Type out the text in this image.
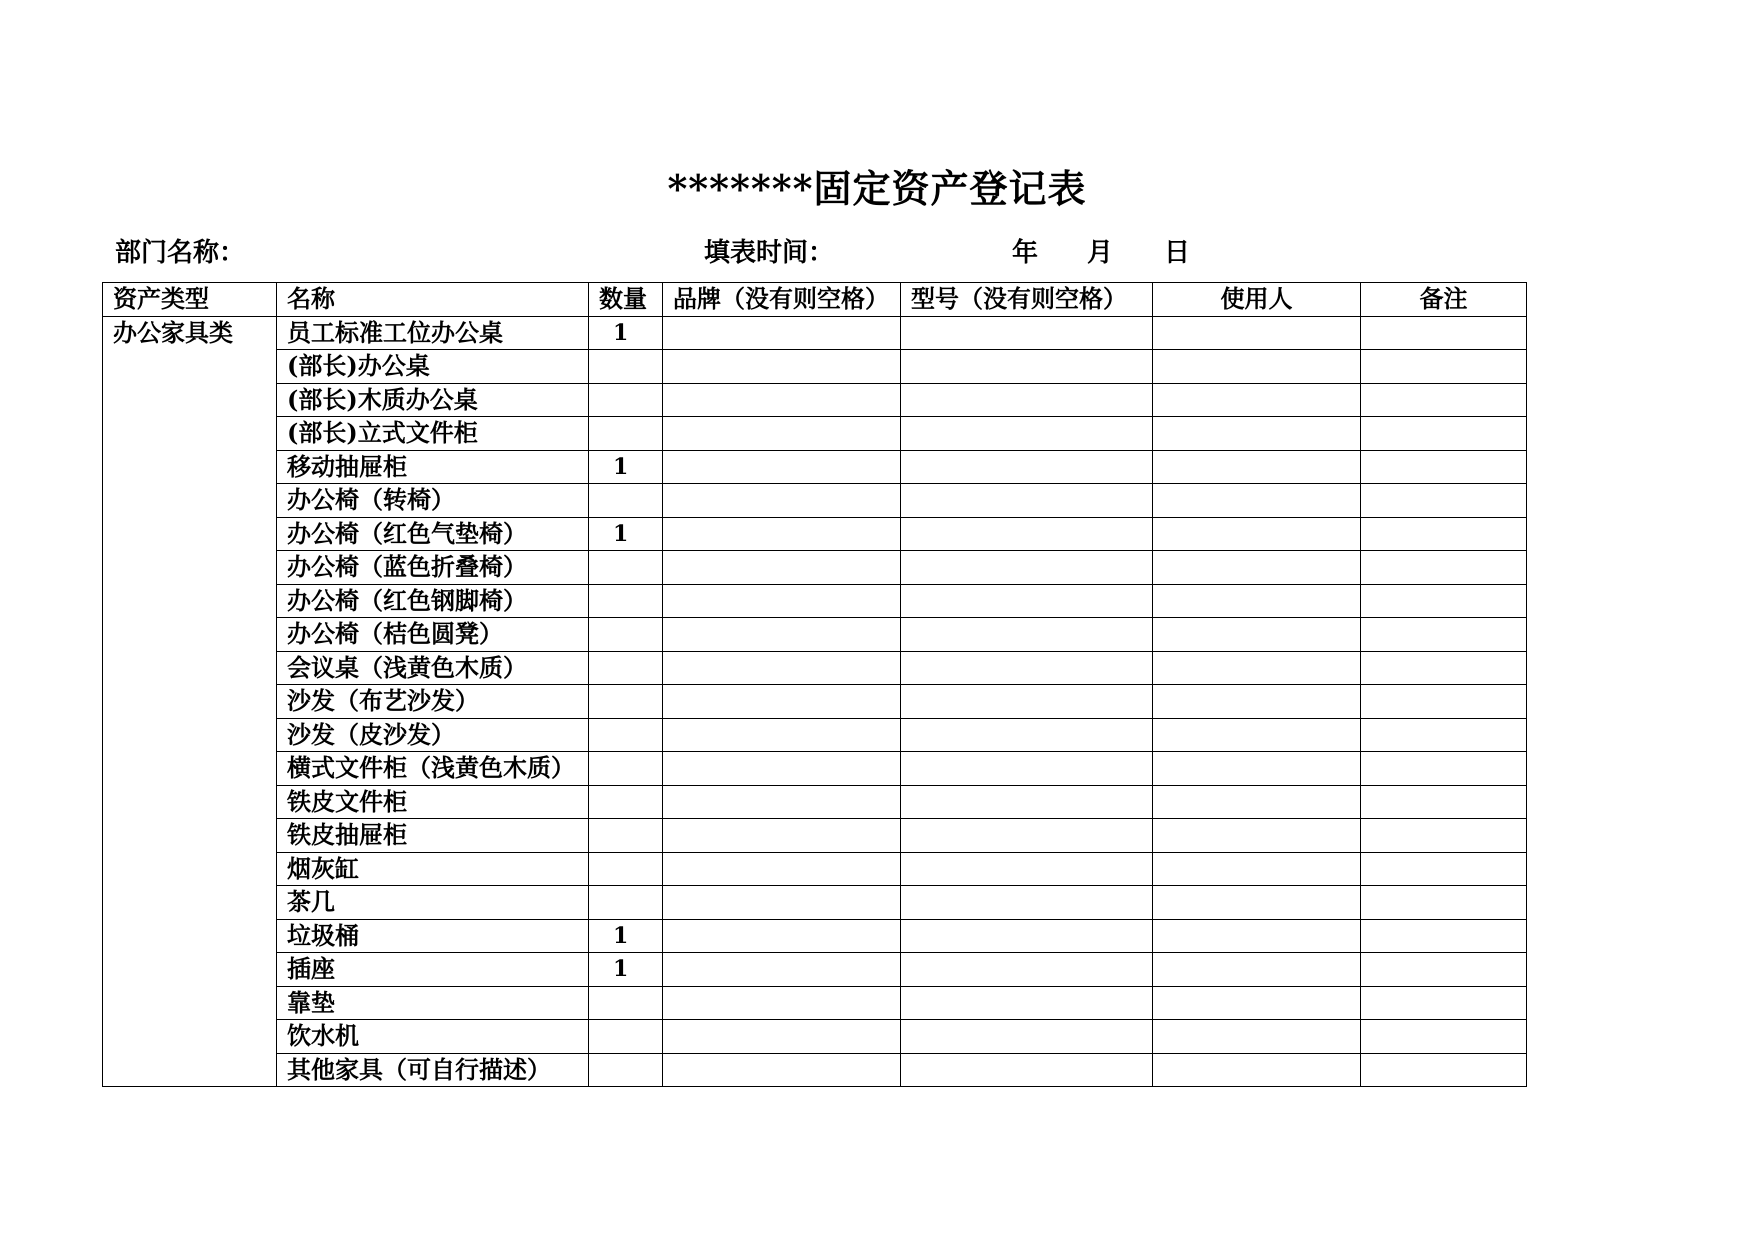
*******固定资产登记表
部门名称：	填表时间：	年 月 日
资产类型	名称	数量	品牌（没有则空格）	型号（没有则空格）	使用人	备注
办公家具类	员工标准工位办公桌	1				
	(部长)办公桌					
	(部长)木质办公桌					
	(部长)立式文件柜					
	移动抽屉柜	1				
	办公椅（转椅）					
	办公椅（红色气垫椅）	1				
	办公椅（蓝色折叠椅）					
	办公椅（红色钢脚椅）					
	办公椅（桔色圆凳）					
	会议桌（浅黄色木质）					
	沙发（布艺沙发）					
	沙发（皮沙发）					
	横式文件柜（浅黄色木质）					
	铁皮文件柜					
	铁皮抽屉柜					
	烟灰缸					
	茶几					
	垃圾桶	1				
	插座	1				
	靠垫					
	饮水机					
	其他家具（可自行描述）					
